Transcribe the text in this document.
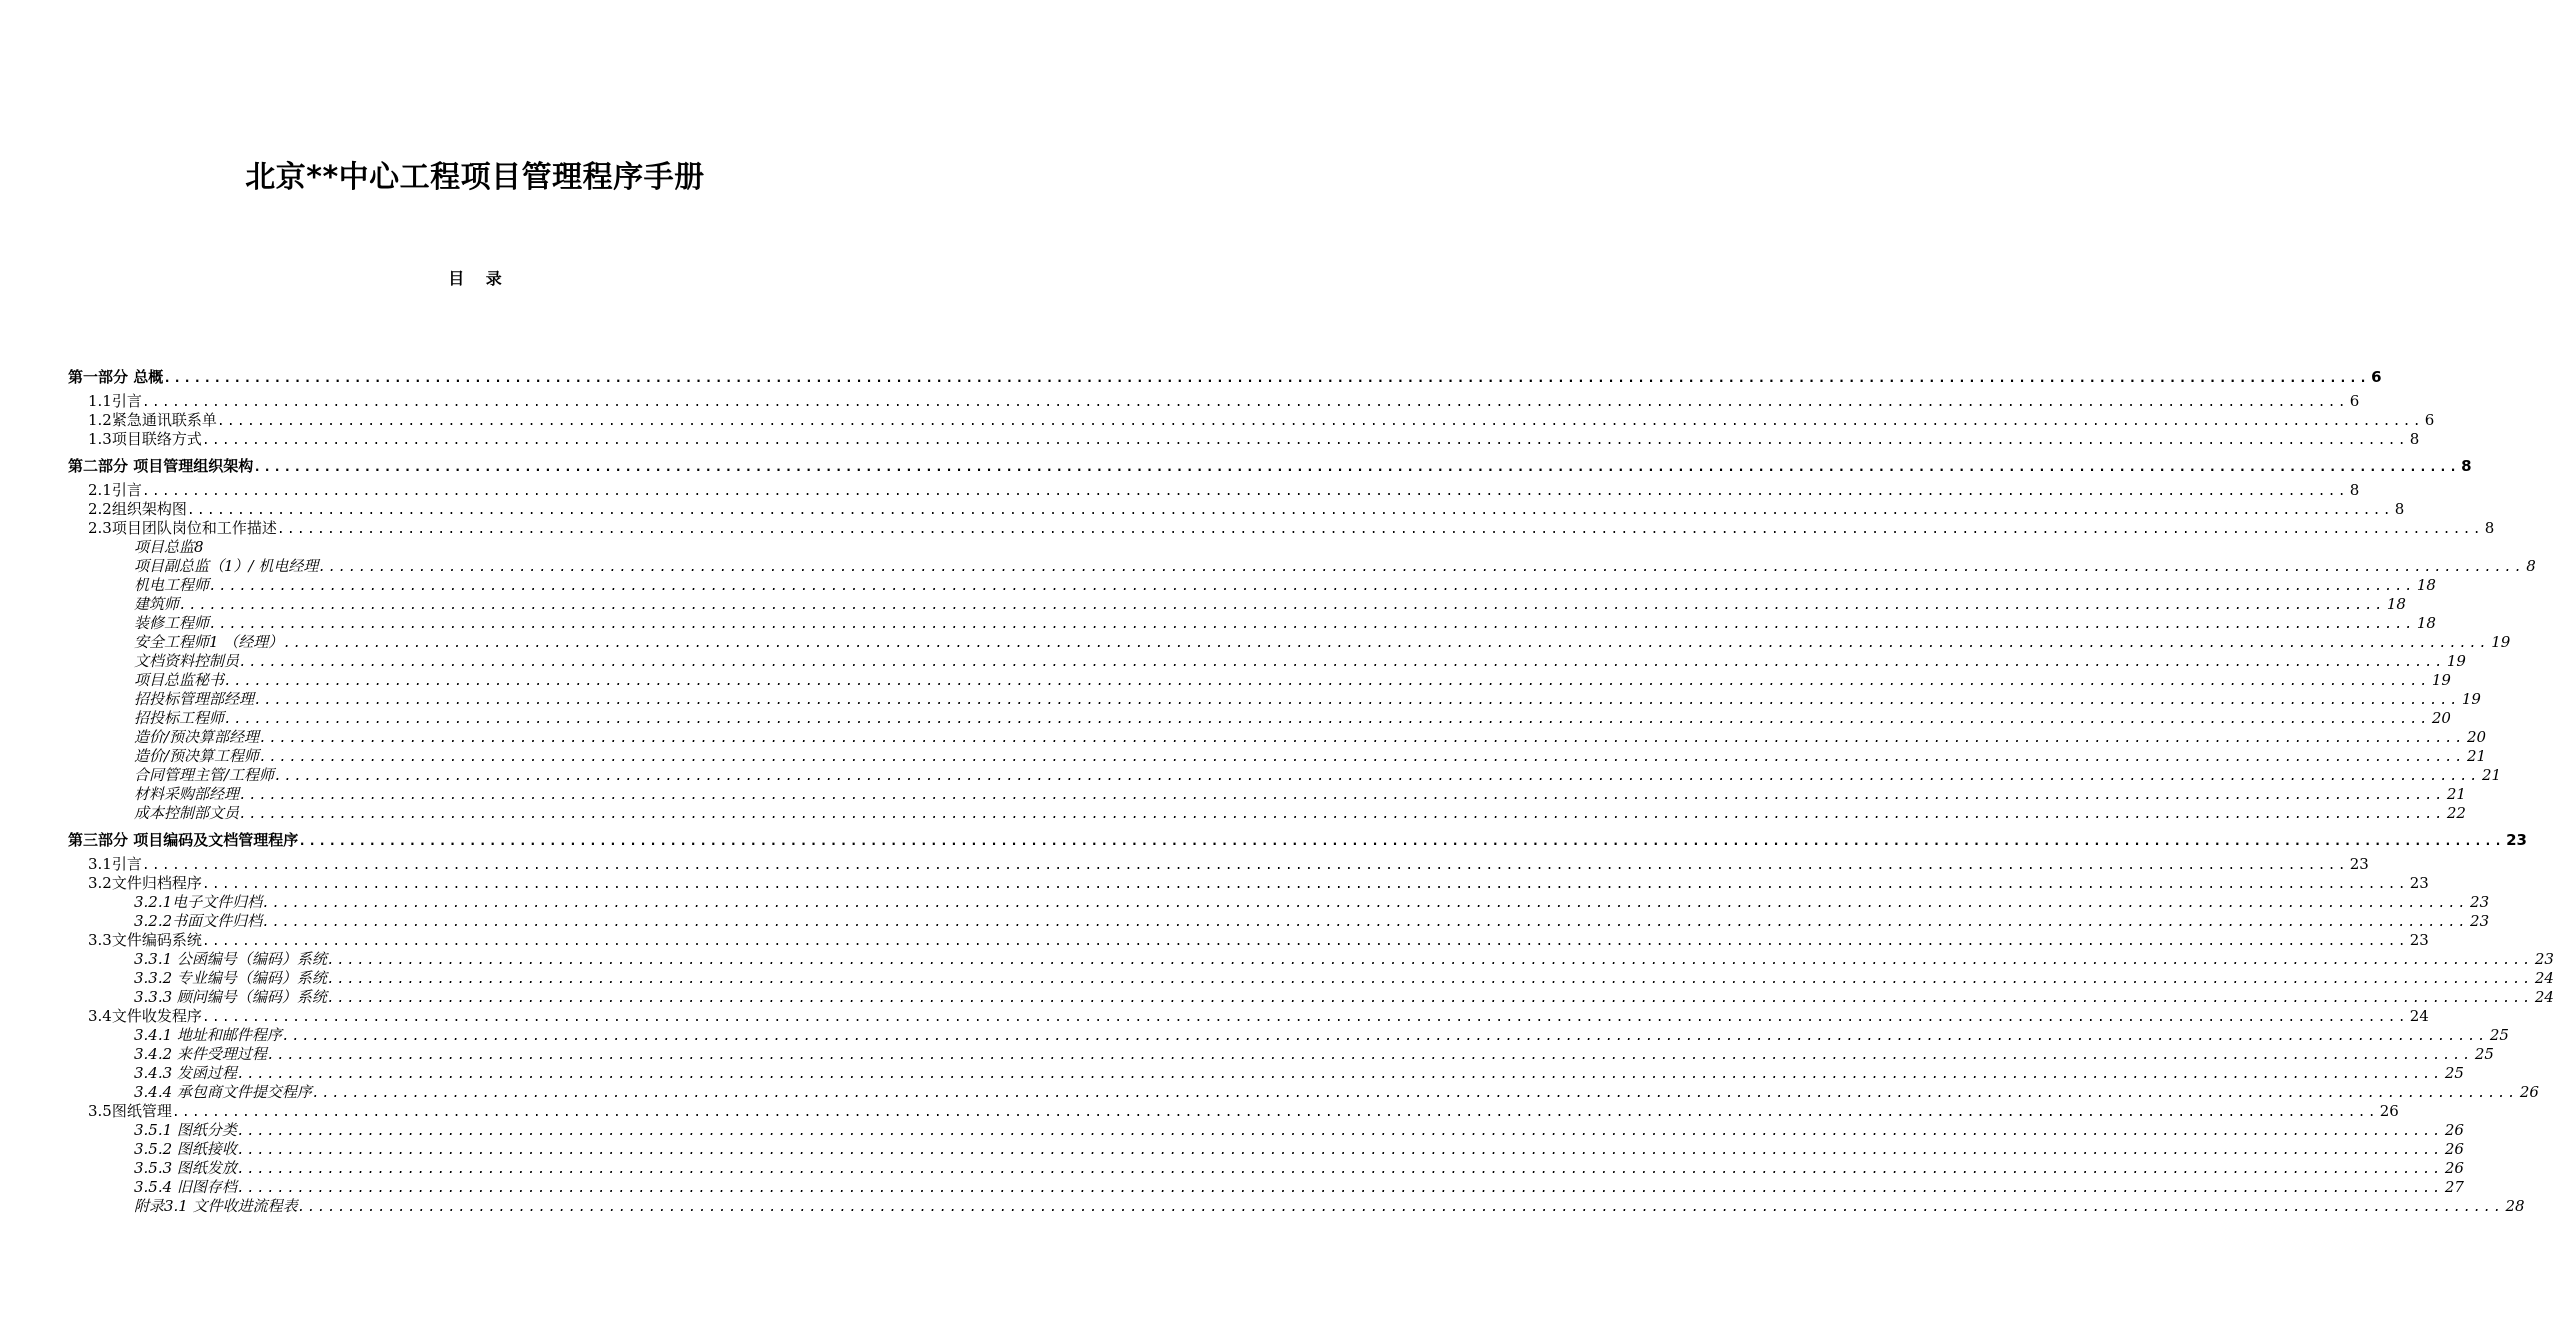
北京**中心工程项目管理程序手册
目 录
第一部分 总概 ............................................................................................................................................................................................................................ 6
1.1引言 ............................................................................................................................................................................................................................ 6
1.2紧急通讯联系单 ............................................................................................................................................................................................................................ 6
1.3项目联络方式 ............................................................................................................................................................................................................................ 8
第二部分 项目管理组织架构 ............................................................................................................................................................................................................................ 8
2.1引言 ............................................................................................................................................................................................................................ 8
2.2组织架构图 ............................................................................................................................................................................................................................ 8
2.3项目团队岗位和工作描述 ............................................................................................................................................................................................................................ 8
项目总监8
项目副总监（1）/ 机电经理 ............................................................................................................................................................................................................................ 8
机电工程师 ............................................................................................................................................................................................................................ 18
建筑师 ............................................................................................................................................................................................................................ 18
装修工程师 ............................................................................................................................................................................................................................ 18
安全工程师1 （经理） ............................................................................................................................................................................................................................ 19
文档资料控制员 ............................................................................................................................................................................................................................ 19
项目总监秘书 ............................................................................................................................................................................................................................ 19
招投标管理部经理 ............................................................................................................................................................................................................................ 19
招投标工程师 ............................................................................................................................................................................................................................ 20
造价/预决算部经理 ............................................................................................................................................................................................................................ 20
造价/预决算工程师 ............................................................................................................................................................................................................................ 21
合同管理主管/工程师 ............................................................................................................................................................................................................................ 21
材料采购部经理 ............................................................................................................................................................................................................................ 21
成本控制部文员 ............................................................................................................................................................................................................................ 22
第三部分 项目编码及文档管理程序 ............................................................................................................................................................................................................................ 23
3.1引言 ............................................................................................................................................................................................................................ 23
3.2文件归档程序 ............................................................................................................................................................................................................................ 23
3.2.1电子文件归档 ............................................................................................................................................................................................................................ 23
3.2.2书面文件归档 ............................................................................................................................................................................................................................ 23
3.3文件编码系统 ............................................................................................................................................................................................................................ 23
3.3.1 公函编号（编码）系统 ............................................................................................................................................................................................................................ 23
3.3.2 专业编号（编码）系统 ............................................................................................................................................................................................................................ 24
3.3.3 顾问编号（编码）系统 ............................................................................................................................................................................................................................ 24
3.4文件收发程序 ............................................................................................................................................................................................................................ 24
3.4.1 地址和邮件程序 ............................................................................................................................................................................................................................ 25
3.4.2 来件受理过程 ............................................................................................................................................................................................................................ 25
3.4.3 发函过程 ............................................................................................................................................................................................................................ 25
3.4.4 承包商文件提交程序 ............................................................................................................................................................................................................................ 26
3.5图纸管理 ............................................................................................................................................................................................................................ 26
3.5.1 图纸分类 ............................................................................................................................................................................................................................ 26
3.5.2 图纸接收 ............................................................................................................................................................................................................................ 26
3.5.3 图纸发放 ............................................................................................................................................................................................................................ 26
3.5.4 旧图存档 ............................................................................................................................................................................................................................ 27
附录3.1 文件收进流程表 ............................................................................................................................................................................................................................ 28
